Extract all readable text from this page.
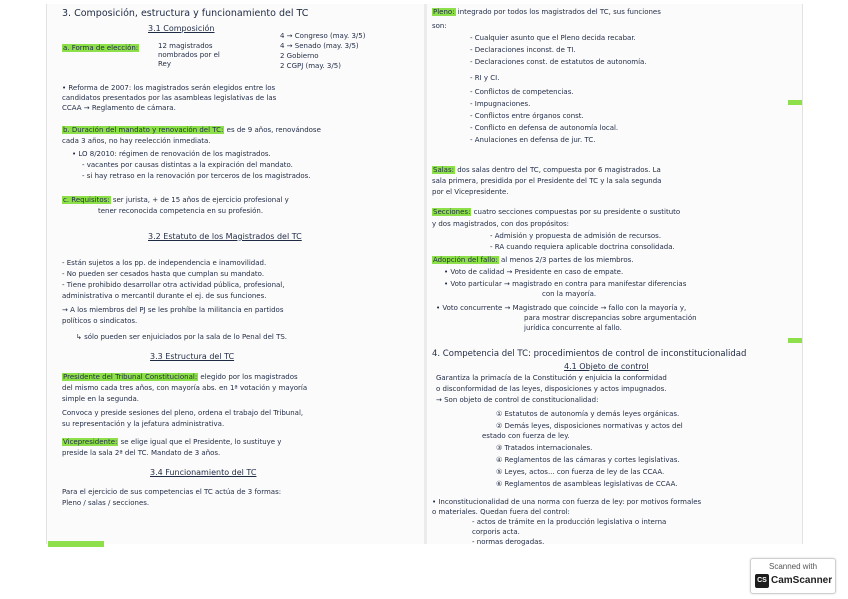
3. Composición, estructura y funcionamiento del TC
3.1 Composición
a. Forma de elección:	12 magistrados nombrados por el Rey
4 → Congreso (may. 3/5)
4 → Senado (may. 3/5)
2 Gobierno
2 CGPJ (may. 3/5)
• Reforma de 2007: los magistrados serán elegidos entre los
candidatos presentados por las asambleas legislativas de las
CCAA → Reglamento de cámara.
b. Duración del mandato y renovación del TC: es de 9 años, renovándose
cada 3 años, no hay reelección inmediata.
• LO 8/2010: régimen de renovación de los magistrados.
- vacantes por causas distintas a la expiración del mandato.
- si hay retraso en la renovación por terceros de los magistrados.
c. Requisitos: ser jurista, + de 15 años de ejercicio profesional y
tener reconocida competencia en su profesión.
3.2 Estatuto de los Magistrados del TC
- Están sujetos a los pp. de independencia e inamovilidad.
- No pueden ser cesados hasta que cumplan su mandato.
- Tiene prohibido desarrollar otra actividad pública, profesional,
administrativa o mercantil durante el ej. de sus funciones.
→ A los miembros del PJ se les prohíbe la militancia en partidos
políticos o sindicatos.
↳ sólo pueden ser enjuiciados por la sala de lo Penal del TS.
3.3 Estructura del TC
Presidente del Tribunal Constitucional: elegido por los magistrados
del mismo cada tres años, con mayoría abs. en 1ª votación y mayoría
simple en la segunda.
Convoca y preside sesiones del pleno, ordena el trabajo del Tribunal,
su representación y la jefatura administrativa.
Vicepresidente: se elige igual que el Presidente, lo sustituye y
preside la sala 2ª del TC. Mandato de 3 años.
3.4 Funcionamiento del TC
Para el ejercicio de sus competencias el TC actúa de 3 formas:
Pleno / salas / secciones.
Pleno: integrado por todos los magistrados del TC, sus funciones
son:
- Cualquier asunto que el Pleno decida recabar.
- Declaraciones inconst. de TI.
- Declaraciones const. de estatutos de autonomía.
- RI y CI.
- Conflictos de competencias.
- Impugnaciones.
- Conflictos entre órganos const.
- Conflicto en defensa de autonomía local.
- Anulaciones en defensa de jur. TC.
Salas: dos salas dentro del TC, compuesta por 6 magistrados. La
sala primera, presidida por el Presidente del TC y la sala segunda
por el Vicepresidente.
Secciones: cuatro secciones compuestas por su presidente o sustituto
y dos magistrados, con dos propósitos:
- Admisión y propuesta de admisión de recursos.
- RA cuando requiera aplicable doctrina consolidada.
Adopción del fallo: al menos 2/3 partes de los miembros.
• Voto de calidad → Presidente en caso de empate.
• Voto particular → magistrado en contra para manifestar diferencias
con la mayoría.
• Voto concurrente → Magistrado que coincide → fallo con la mayoría y,
para mostrar discrepancias sobre argumentación
jurídica concurrente al fallo.
4. Competencia del TC: procedimientos de control de inconstitucionalidad
4.1 Objeto de control
Garantiza la primacía de la Constitución y enjuicia la conformidad
o disconformidad de las leyes, disposiciones y actos impugnados.
→ Son objeto de control de constitucionalidad:
① Estatutos de autonomía y demás leyes orgánicas.
② Demás leyes, disposiciones normativas y actos del
estado con fuerza de ley.
③ Tratados internacionales.
④ Reglamentos de las cámaras y cortes legislativas.
⑤ Leyes, actos... con fuerza de ley de las CCAA.
⑥ Reglamentos de asambleas legislativas de CCAA.
• Inconstitucionalidad de una norma con fuerza de ley: por motivos formales
o materiales. Quedan fuera del control:
- actos de trámite en la producción legislativa o interna
corporis acta.
- normas derogadas.
Scanned with
CS CamScanner
